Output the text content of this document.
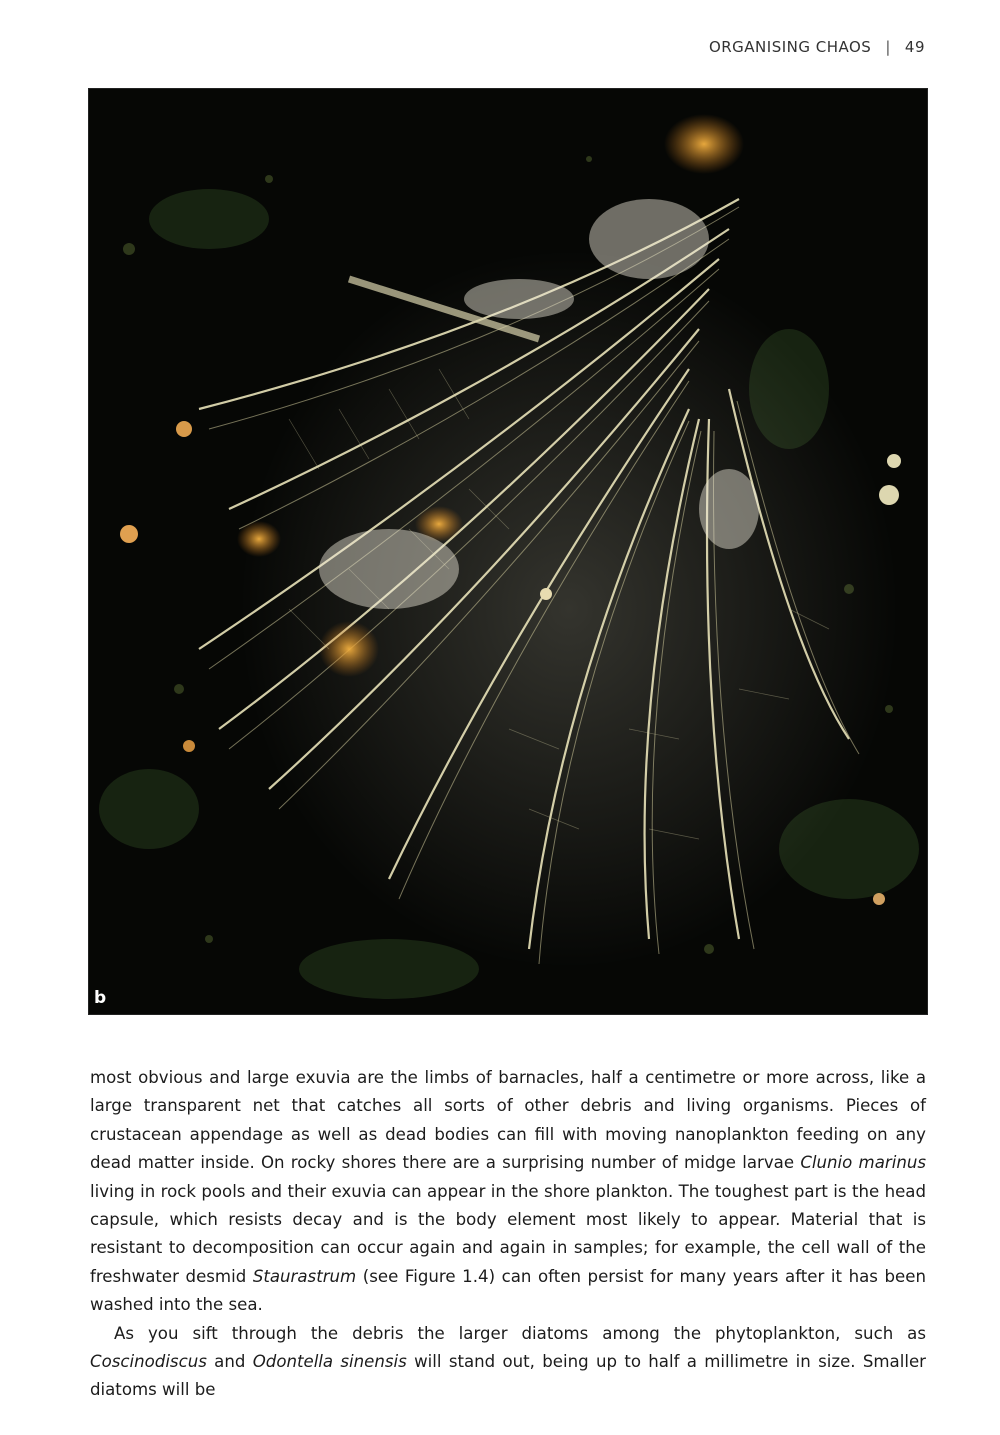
ORGANISING CHAOS | 49
b

most obvious and large exuvia are the limbs of barnacles, half a centimetre or more across, like a large transparent net that catches all sorts of other debris and living organisms. Pieces of crustacean appendage as well as dead bodies can fill with moving nanoplankton feeding on any dead matter inside. On rocky shores there are a surprising number of midge larvae Clunio marinus living in rock pools and their exuvia can appear in the shore plankton. The toughest part is the head capsule, which resists decay and is the body element most likely to appear. Material that is resistant to decomposition can occur again and again in samples; for example, the cell wall of the freshwater desmid Staurastrum (see Figure 1.4) can often persist for many years after it has been washed into the sea.

As you sift through the debris the larger diatoms among the phytoplankton, such as Coscinodiscus and Odontella sinensis will stand out, being up to half a millimetre in size. Smaller diatoms will be
